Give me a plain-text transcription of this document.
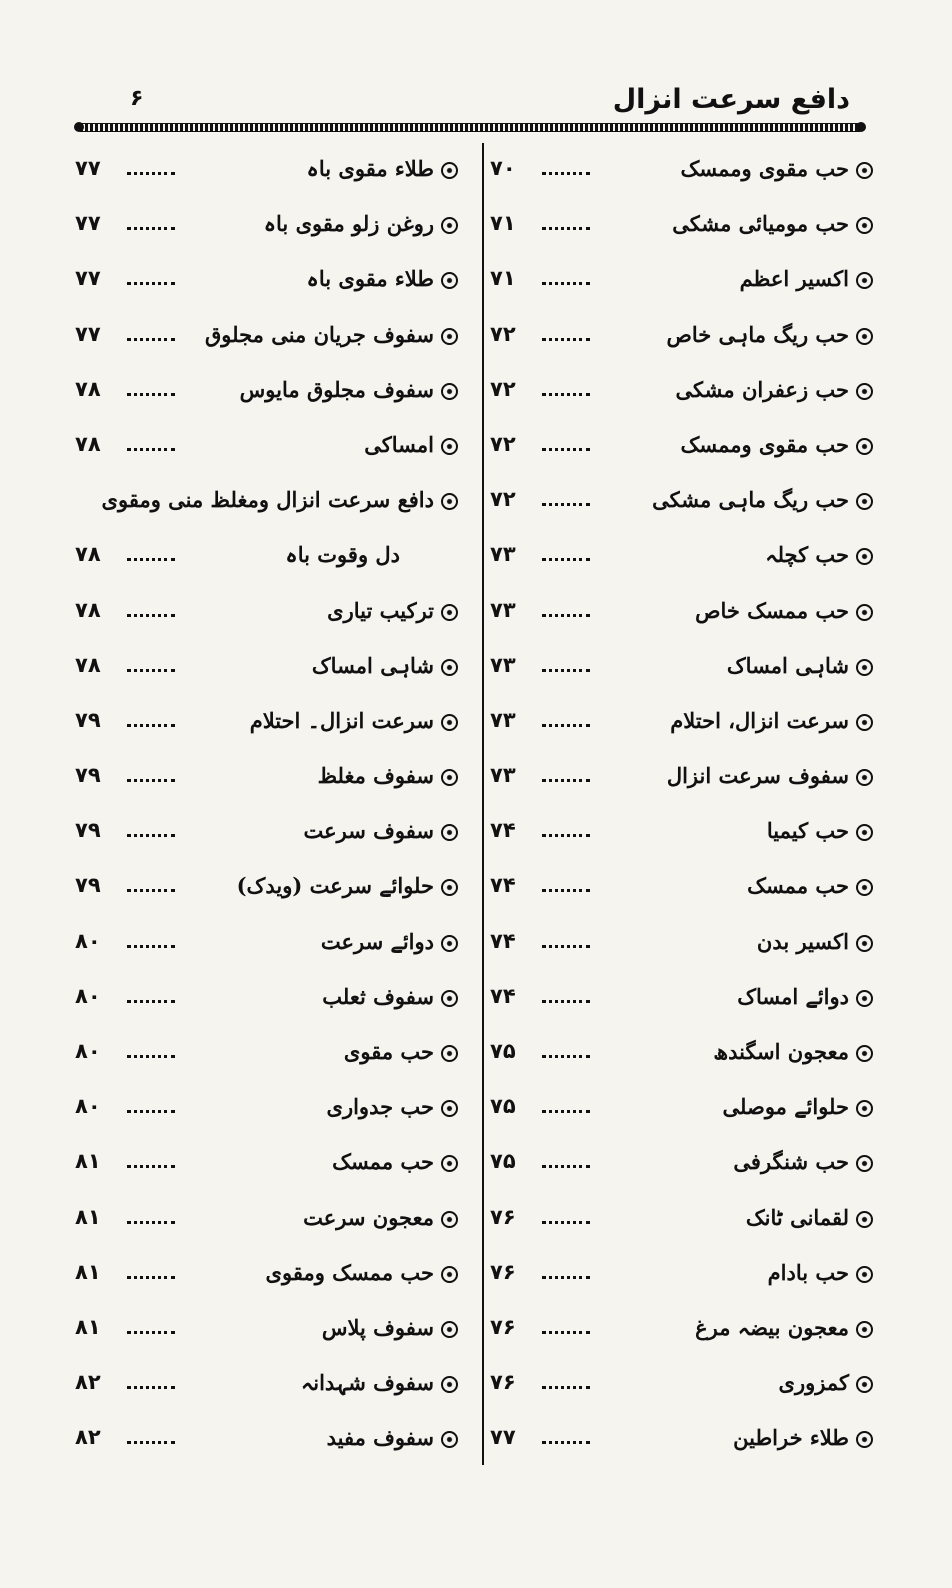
دافع سرعت انزال
۶
حب مقوی وممسک
۷۰
حب مومیائی مشکی
۷۱
اکسیر اعظم
۷۱
حب ریگ ماہی خاص
۷۲
حب زعفران مشکی
۷۲
حب مقوی وممسک
۷۲
حب ریگ ماہی مشکی
۷۲
حب کچلہ
۷۳
حب ممسک خاص
۷۳
شاہی امساک
۷۳
سرعت انزال، احتلام
۷۳
سفوف سرعت انزال
۷۳
حب کیمیا
۷۴
حب ممسک
۷۴
اکسیر بدن
۷۴
دوائے امساک
۷۴
معجون اسگندھ
۷۵
حلوائے موصلی
۷۵
حب شنگرفی
۷۵
لقمانی ٹانک
۷۶
حب بادام
۷۶
معجون بیضہ مرغ
۷۶
کمزوری
۷۶
طلاء خراطین
۷۷
طلاء مقوی باہ
۷۷
روغن زلو مقوی باہ
۷۷
طلاء مقوی باہ
۷۷
سفوف جریان منی مجلوق
۷۷
سفوف مجلوق مایوس
۷۸
امساکی
۷۸
دافع سرعت انزال ومغلظ منی ومقوی
دل وقوت باہ
۷۸
ترکیب تیاری
۷۸
شاہی امساک
۷۸
سرعت انزال۔ احتلام
۷۹
سفوف مغلظ
۷۹
سفوف سرعت
۷۹
حلوائے سرعت (ویدک)
۷۹
دوائے سرعت
۸۰
سفوف ثعلب
۸۰
حب مقوی
۸۰
حب جدواری
۸۰
حب ممسک
۸۱
معجون سرعت
۸۱
حب ممسک ومقوی
۸۱
سفوف پلاس
۸۱
سفوف شہدانہ
۸۲
سفوف مفید
۸۲
